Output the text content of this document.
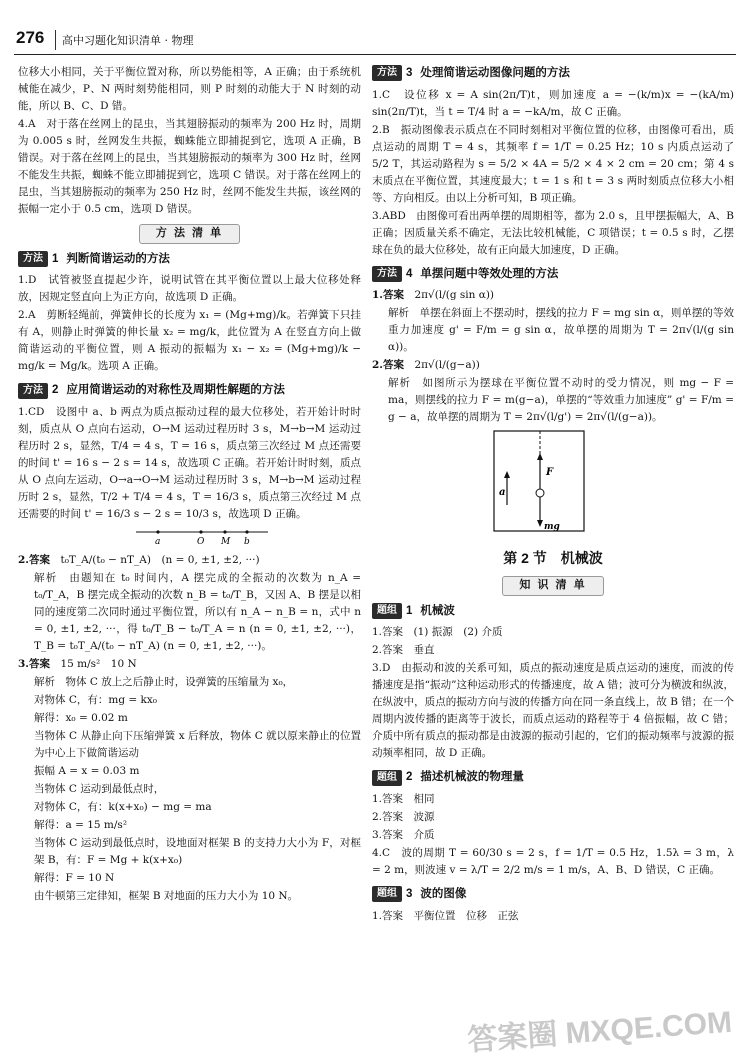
276 高中习题化知识清单 · 物理

位移大小相同，关于平衡位置对称，所以势能相等，A 正确；由于系统机械能在减少，P、N 两时刻势能相同，则 P 时刻的动能大于 N 时刻的动能，所以 B、C、D 错。

4.A　对于落在丝网上的昆虫，当其翅膀振动的频率为 200 Hz 时，周期为 0.005 s 时，丝网发生共振，蜘蛛能立即捕捉到它，选项 A 正确，B 错误。对于落在丝网上的昆虫，当其翅膀振动的频率为 300 Hz 时，丝网不能发生共振，蜘蛛不能立即捕捉到它，选项 C 错误。对于落在丝网上的昆虫，当其翅膀振动的频率为 250 Hz 时，丝网不能发生共振，该丝网的振幅一定小于 0.5 cm，选项 D 错误。

方 法 清 单
方法 1 判断简谐运动的方法

1.D　试管被竖直提起少许，说明试管在其平衡位置以上最大位移处释放，因规定竖直向上为正方向，故选项 D 正确。

2.A　剪断轻绳前，弹簧伸长的长度为 x₁ = (Mg+mg)/k。若弹簧下只挂有 A，则静止时弹簧的伸长量 x₂ = mg/k，此位置为 A 在竖直方向上做简谐运动的平衡位置，则 A 振动的振幅为 x₁ − x₂ = (Mg+mg)/k − mg/k = Mg/k。选项 A 正确。

方法 2 应用简谐运动的对称性及周期性解题的方法

1.CD　设图中 a、b 两点为质点振动过程的最大位移处，若开始计时时刻，质点从 O 点向右运动，O→M 运动过程历时 3 s，M→b→M 运动过程历时 2 s，显然，T/4 = 4 s，T = 16 s，质点第三次经过 M 点还需要的时间 t' = 16 s − 2 s = 14 s，故选项 C 正确。若开始计时时刻，质点从 O 点向左运动，O→a→O→M 运动过程历时 3 s，M→b→M 运动过程历时 2 s，显然，T/2 + T/4 = 4 s，T = 16/3 s，质点第三次经过 M 点还需要的时间 t' = 16/3 s − 2 s = 10/3 s，故选项 D 正确。

a	O M b

2.答案　 t₀T_A/(t₀ − nT_A)　(n = 0, ±1, ±2, ···)

解析　由题知在 t₀ 时间内，A 摆完成的全振动的次数为 n_A = t₀/T_A，B 摆完成全振动的次数 n_B = t₀/T_B，又因 A、B 摆是以相同的速度第二次同时通过平衡位置，所以有 n_A − n_B = n，式中 n = 0, ±1, ±2, ···，得 t₀/T_B − t₀/T_A = n (n = 0, ±1, ±2, ···)，T_B = t₀T_A/(t₀ − nT_A) (n = 0, ±1, ±2, ···)。

3.答案　 15 m/s²　10 N

解析　物体 C 放上之后静止时，设弹簧的压缩量为 x₀，

对物体 C，有：mg = kx₀

解得：x₀ = 0.02 m

当物体 C 从静止向下压缩弹簧 x 后释放，物体 C 就以原来静止的位置为中心上下做简谐运动

振幅 A = x = 0.03 m

当物体 C 运动到最低点时，

对物体 C，有：k(x+x₀) − mg = ma

解得：a = 15 m/s²

当物体 C 运动到最低点时，设地面对框架 B 的支持力大小为 F，对框架 B，有：F = Mg + k(x+x₀)

解得：F = 10 N

由牛顿第三定律知，框架 B 对地面的压力大小为 10 N。

方法 3 处理简谐运动图像问题的方法

1.C　设位移 x = A sin(2π/T)t，则加速度 a = −(k/m)x = −(kA/m) sin(2π/T)t，当 t = T/4 时 a = −kA/m，故 C 正确。

2.B　振动图像表示质点在不同时刻相对平衡位置的位移，由图像可看出，质点运动的周期 T = 4 s，其频率 f = 1/T = 0.25 Hz；10 s 内质点运动了 5/2 T，其运动路程为 s = 5/2 × 4A = 5/2 × 4 × 2 cm = 20 cm；第 4 s 末质点在平衡位置，其速度最大；t = 1 s 和 t = 3 s 两时刻质点位移大小相等、方向相反。由以上分析可知，B 项正确。

3.ABD　由图像可看出两单摆的周期相等，都为 2.0 s，且甲摆振幅大，A、B 正确；因质量关系不确定，无法比较机械能，C 项错误；t = 0.5 s 时，乙摆球在负的最大位移处，故有正向最大加速度，D 正确。

方法 4 单摆问题中等效处理的方法

1.答案　 2π√(l/(g sin α))

解析　单摆在斜面上不摆动时，摆线的拉力 F = mg sin α，则单摆的等效重力加速度 g' = F/m = g sin α，故单摆的周期为 T = 2π√(l/(g sin α))。

2.答案　 2π√(l/(g−a))

解析　如图所示为摆球在平衡位置不动时的受力情况，则 mg − F = ma，则摆线的拉力 F = m(g−a)，单摆的“等效重力加速度” g' = F/m = g − a，故单摆的周期为 T = 2π√(l/g') = 2π√(l/(g−a))。

a
F
mg
第 2 节　机械波
知 识 清 单
题组 1 机械波

1.答案　(1) 振源　(2) 介质

2.答案　垂直

3.D　由振动和波的关系可知，质点的振动速度是质点运动的速度，而波的传播速度是指“振动”这种运动形式的传播速度，故 A 错；波可分为横波和纵波，在纵波中，质点的振动方向与波的传播方向在同一条直线上，故 B 错；在一个周期内波传播的距离等于波长，而质点运动的路程等于 4 倍振幅，故 C 错；介质中所有质点的振动都是由波源的振动引起的，它们的振动频率与波源的振动频率相同，故 D 正确。

题组 2 描述机械波的物理量

1.答案　相同

2.答案　波源

3.答案　介质

4.C　波的周期 T = 60/30 s = 2 s，f = 1/T = 0.5 Hz，1.5λ = 3 m，λ = 2 m，则波速 v = λ/T = 2/2 m/s = 1 m/s，A、B、D 错误，C 正确。

题组 3 波的图像

1.答案　平衡位置　位移　正弦

答案圈 MXQE.COM
